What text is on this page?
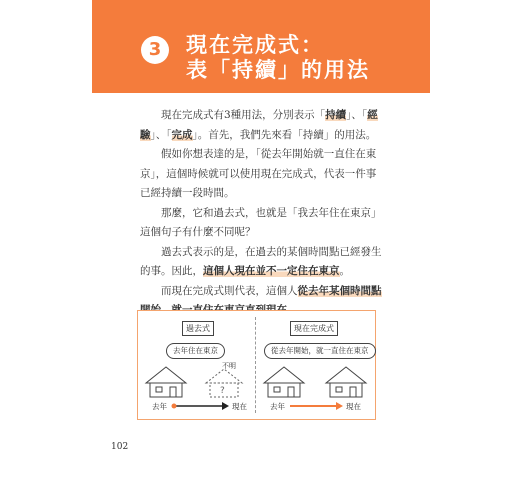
3	現在完成式：
表「持續」的用法

現在完成式有3種用法，分別表示「持續」、「經驗」、「完成」。首先，我們先來看「持續」的用法。

假如你想表達的是，「從去年開始就一直住在東京」，這個時候就可以使用現在完成式，代表一件事已經持續一段時間。

那麼，它和過去式，也就是「我去年住在東京」這個句子有什麼不同呢？

過去式表示的是，在過去的某個時間點已經發生的事。因此，這個人現在並不一定住在東京。

而現在完成式則代表，這個人從去年某個時間點

過去式
去年住在東京
不明
?
去年	現在
現在完成式
從去年開始，就一直住在東京
去年	現在
102
